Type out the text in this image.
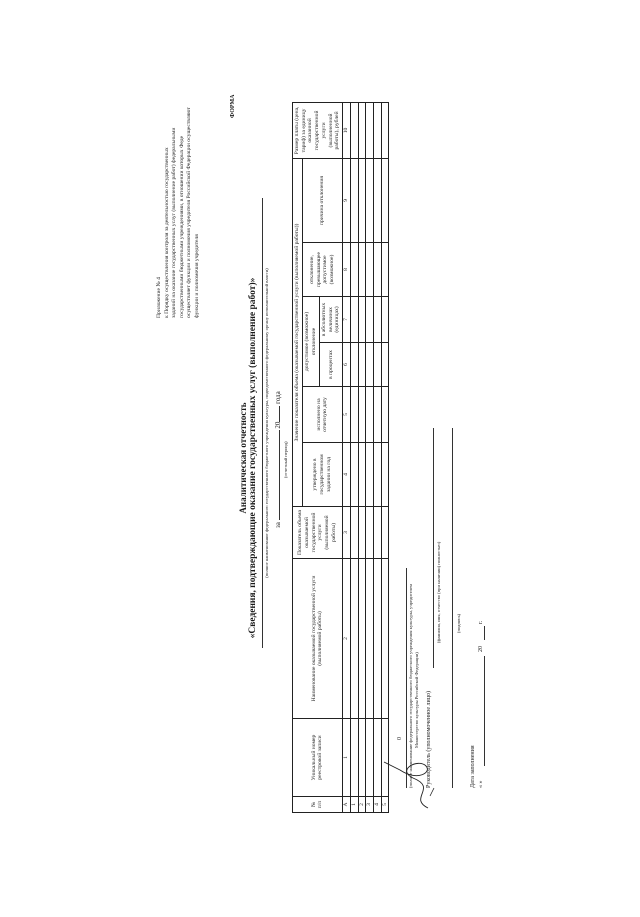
Приложение № 4 к Порядку осуществления контроля за деятельностью государственных заданий на оказание государственных услуг (выполнение работ) федеральными государственными бюджетными учреждениями, в отношении которых Феде осуществляет функции и полномочия учредителя Российской Федерации осуществляют функции и полномочия учредителя
ФОРМА
Аналитическая отчетность «Сведения, подтверждающие оказание государственных услуг (выполнение работ)» (полное наименование федерального государственного бюджетного учреждения культуры, подведомственного федеральному органу исполнительной власти) за  20 года
(отчетный период)
№ п/п	Уникальный номер реестровой записи	Наименование оказываемой государственной услуги (выполняемой работы)	Показатель объема оказываемой государственной услуги (выполняемой работы)	Значение показателя объема (оказываемой государственной услуги (выполняемой работы))						Размер платы (цена, тариф) за единицу оказанной государственной услуги (выполненной работы), рублей
				утверждено в государственном задании на год	исполнено на отчетную дату	допустимое (возможное) отклонение		отклонение, превышающее допустимое (возможное)	причина отклонения	
						в процентах	в абсолютных величинах (единицах)			
А	1	2	3	4	5	6	7	8	9	10
1										
2										
3										
4										
5										
0 (полное наименование федерального государственного бюджетного учреждения культуры, учредителем Министерство культуры Российской Федерации) Руководитель (уполномоченное лицо)
(фамилия, имя, отчество (при наличии) полностью)	(подпись)
Дата заполнения « »
20
г.
